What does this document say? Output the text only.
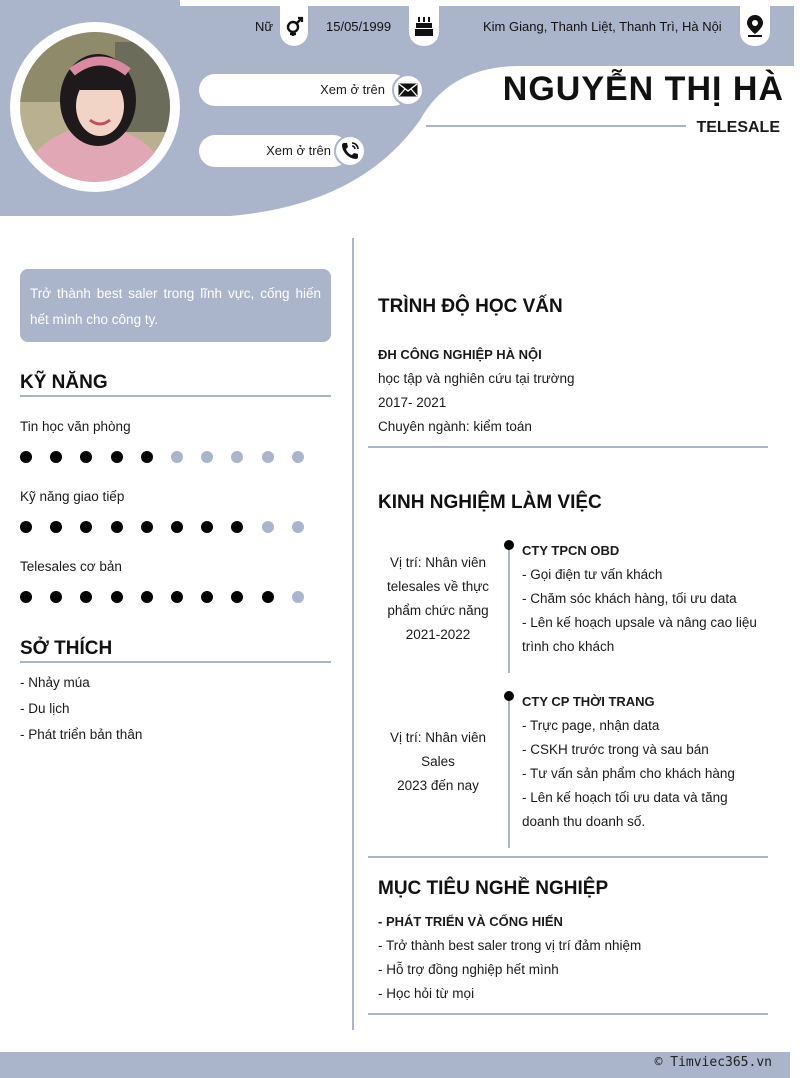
Nữ	15/05/1999	Kim Giang, Thanh Liệt, Thanh Trì, Hà Nội
Xem ở trên
Xem ở trên
NGUYỄN THỊ HÀ
TELESALE
Trở thành best saler trong lĩnh vực, cống hiến hết mình cho công ty.
KỸ NĂNG
Tin học văn phòng
Kỹ năng giao tiếp
Telesales cơ bản
SỞ THÍCH
- Nhảy múa
- Du lịch
- Phát triển bản thân
TRÌNH ĐỘ HỌC VẤN
ĐH CÔNG NGHIỆP HÀ NỘI
học tập và nghiên cứu tại trường
2017- 2021
Chuyên ngành: kiểm toán
KINH NGHIỆM LÀM VIỆC
Vị trí: Nhân viên
telesales về thực
phẩm chức năng
2021-2022
CTY TPCN OBD
- Gọi điện tư vấn khách
- Chăm sóc khách hàng, tối ưu data
- Lên kế hoạch upsale và nâng cao liệu
trình cho khách
Vị trí: Nhân viên
Sales
2023 đến nay
CTY CP THỜI TRANG
- Trực page, nhận data
- CSKH trước trong và sau bán
- Tư vấn sản phẩm cho khách hàng
- Lên kế hoạch tối ưu data và tăng
doanh thu doanh số.
MỤC TIÊU NGHỀ NGHIỆP
- PHÁT TRIỂN VÀ CỐNG HIẾN
- Trở thành best saler trong vị trí đảm nhiệm
- Hỗ trợ đồng nghiệp hết mình
- Học hỏi từ mọi
© Timviec365.vn
